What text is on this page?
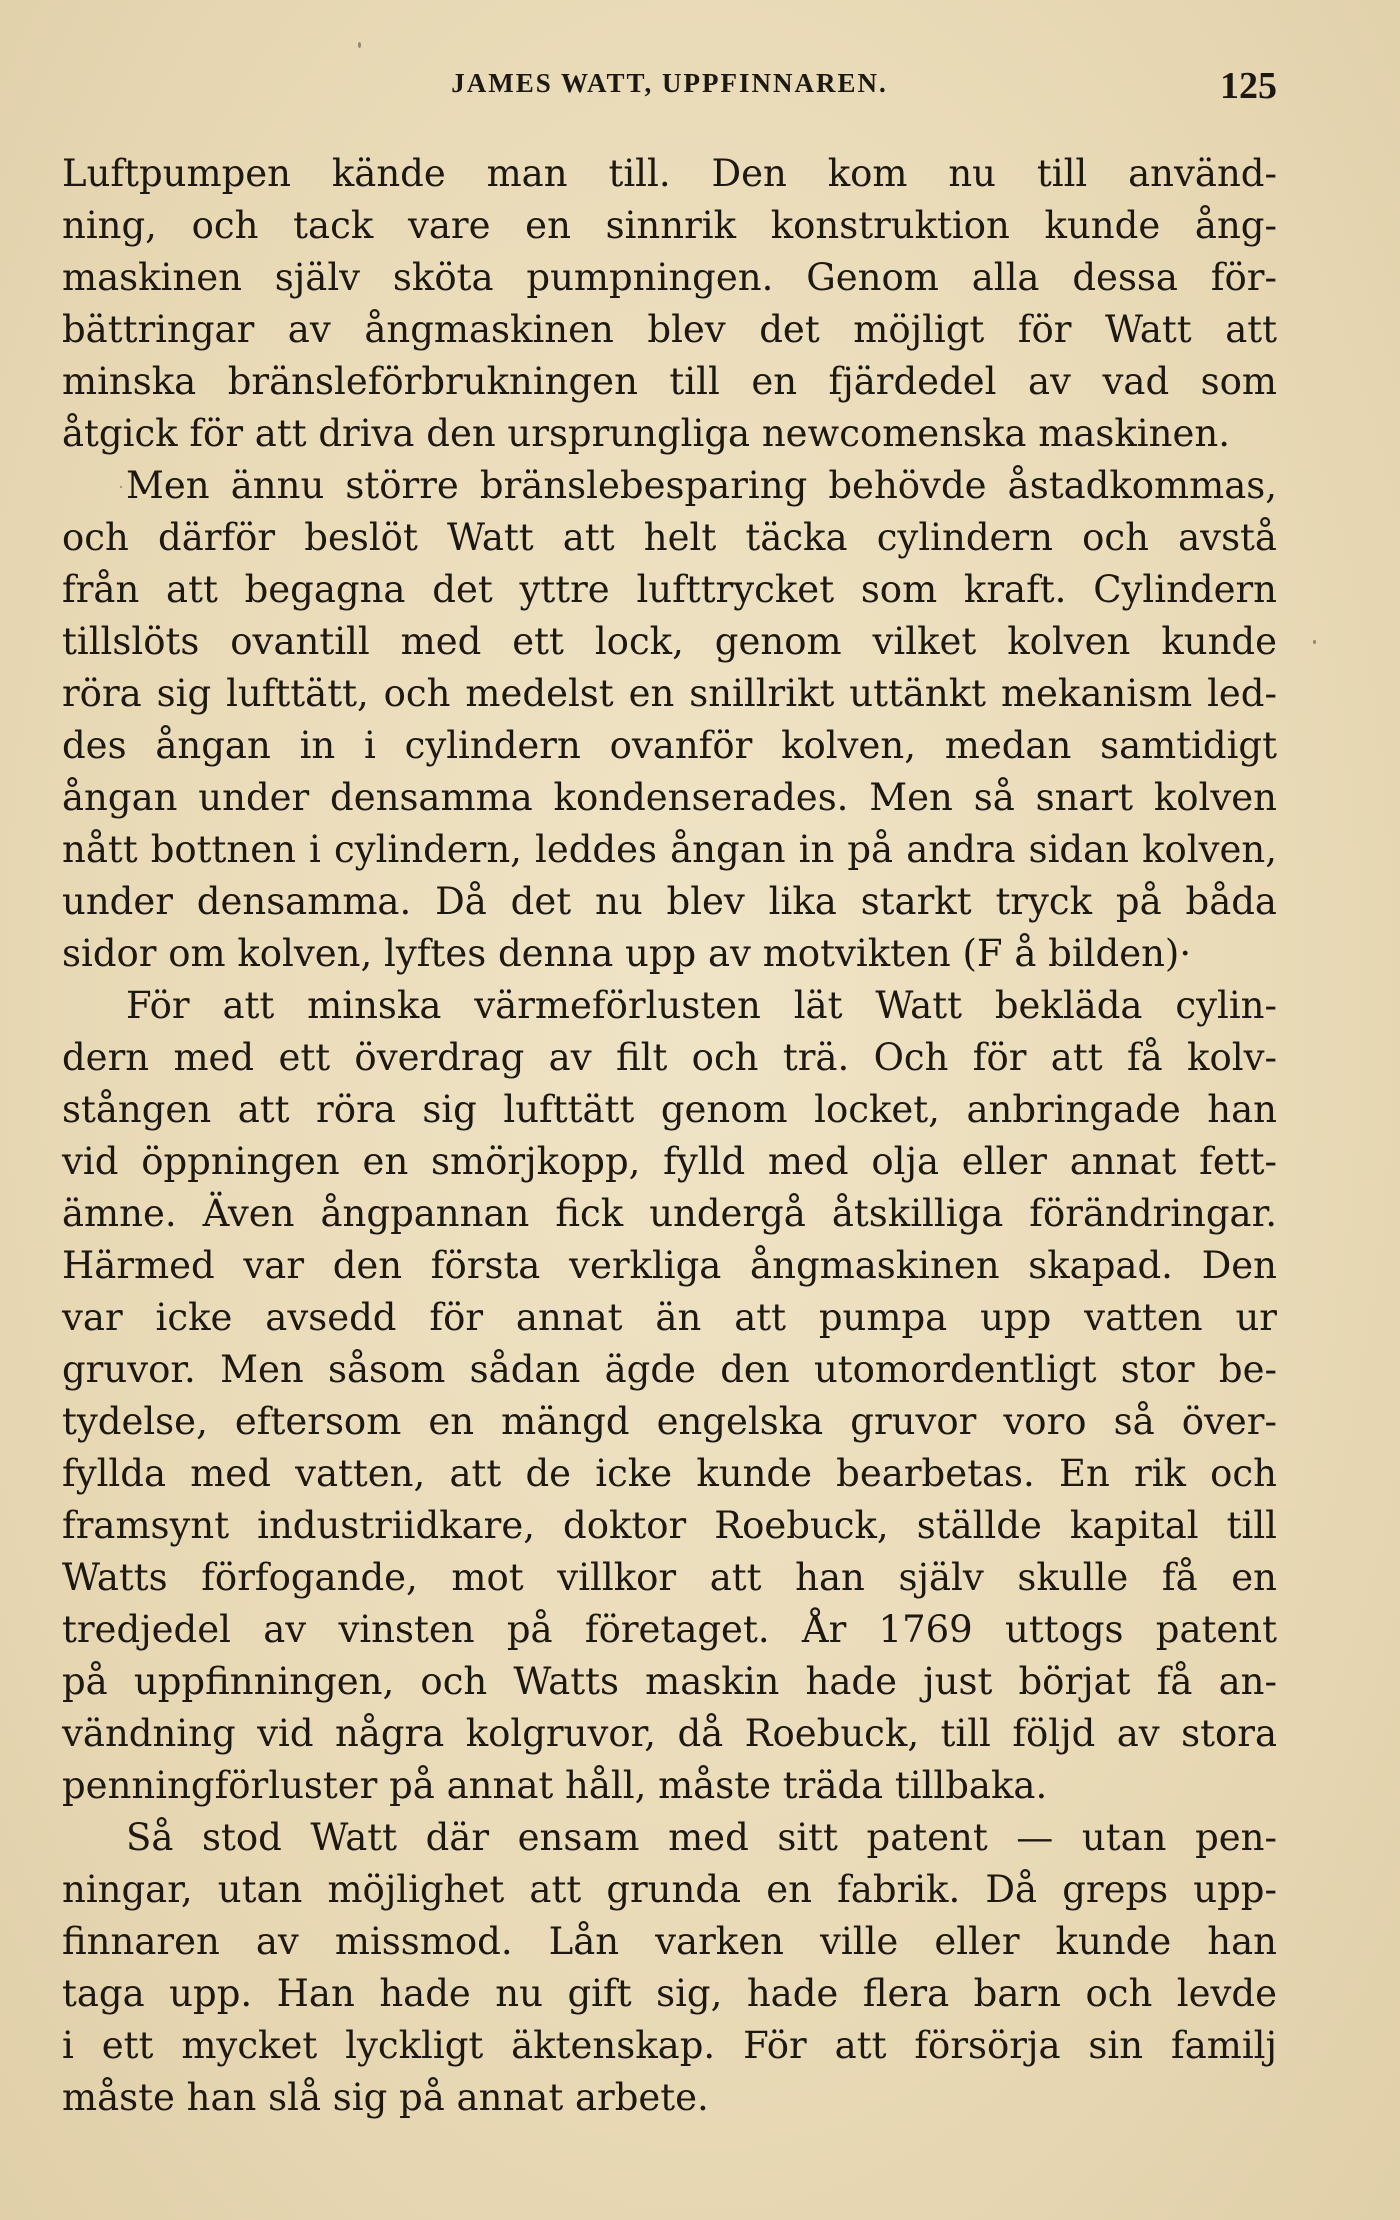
JAMES WATT, UPPFINNAREN.	125
Luftpumpen kände man till. Den kom nu till använd-
ning, och tack vare en sinnrik konstruktion kunde ång-
maskinen själv sköta pumpningen. Genom alla dessa för-
bättringar av ångmaskinen blev det möjligt för Watt att
minska bränsleförbrukningen till en fjärdedel av vad som
åtgick för att driva den ursprungliga newcomenska maskinen.
Men ännu större bränslebesparing behövde åstadkommas,
och därför beslöt Watt att helt täcka cylindern och avstå
från att begagna det yttre lufttrycket som kraft. Cylindern
tillslöts ovantill med ett lock, genom vilket kolven kunde
röra sig lufttätt, och medelst en snillrikt uttänkt mekanism led-
des ångan in i cylindern ovanför kolven, medan samtidigt
ångan under densamma kondenserades. Men så snart kolven
nått bottnen i cylindern, leddes ångan in på andra sidan kolven,
under densamma. Då det nu blev lika starkt tryck på båda
sidor om kolven, lyftes denna upp av motvikten (F å bilden)·
För att minska värmeförlusten lät Watt bekläda cylin-
dern med ett överdrag av filt och trä. Och för att få kolv-
stången att röra sig lufttätt genom locket, anbringade han
vid öppningen en smörjkopp, fylld med olja eller annat fett-
ämne. Även ångpannan fick undergå åtskilliga förändringar.
Härmed var den första verkliga ångmaskinen skapad. Den
var icke avsedd för annat än att pumpa upp vatten ur
gruvor. Men såsom sådan ägde den utomordentligt stor be-
tydelse, eftersom en mängd engelska gruvor voro så över-
fyllda med vatten, att de icke kunde bearbetas. En rik och
framsynt industriidkare, doktor Roebuck, ställde kapital till
Watts förfogande, mot villkor att han själv skulle få en
tredjedel av vinsten på företaget. År 1769 uttogs patent
på uppfinningen, och Watts maskin hade just börjat få an-
vändning vid några kolgruvor, då Roebuck, till följd av stora
penningförluster på annat håll, måste träda tillbaka.
Så stod Watt där ensam med sitt patent — utan pen-
ningar, utan möjlighet att grunda en fabrik. Då greps upp-
finnaren av missmod. Lån varken ville eller kunde han
taga upp. Han hade nu gift sig, hade flera barn och levde
i ett mycket lyckligt äktenskap. För att försörja sin familj
måste han slå sig på annat arbete.
